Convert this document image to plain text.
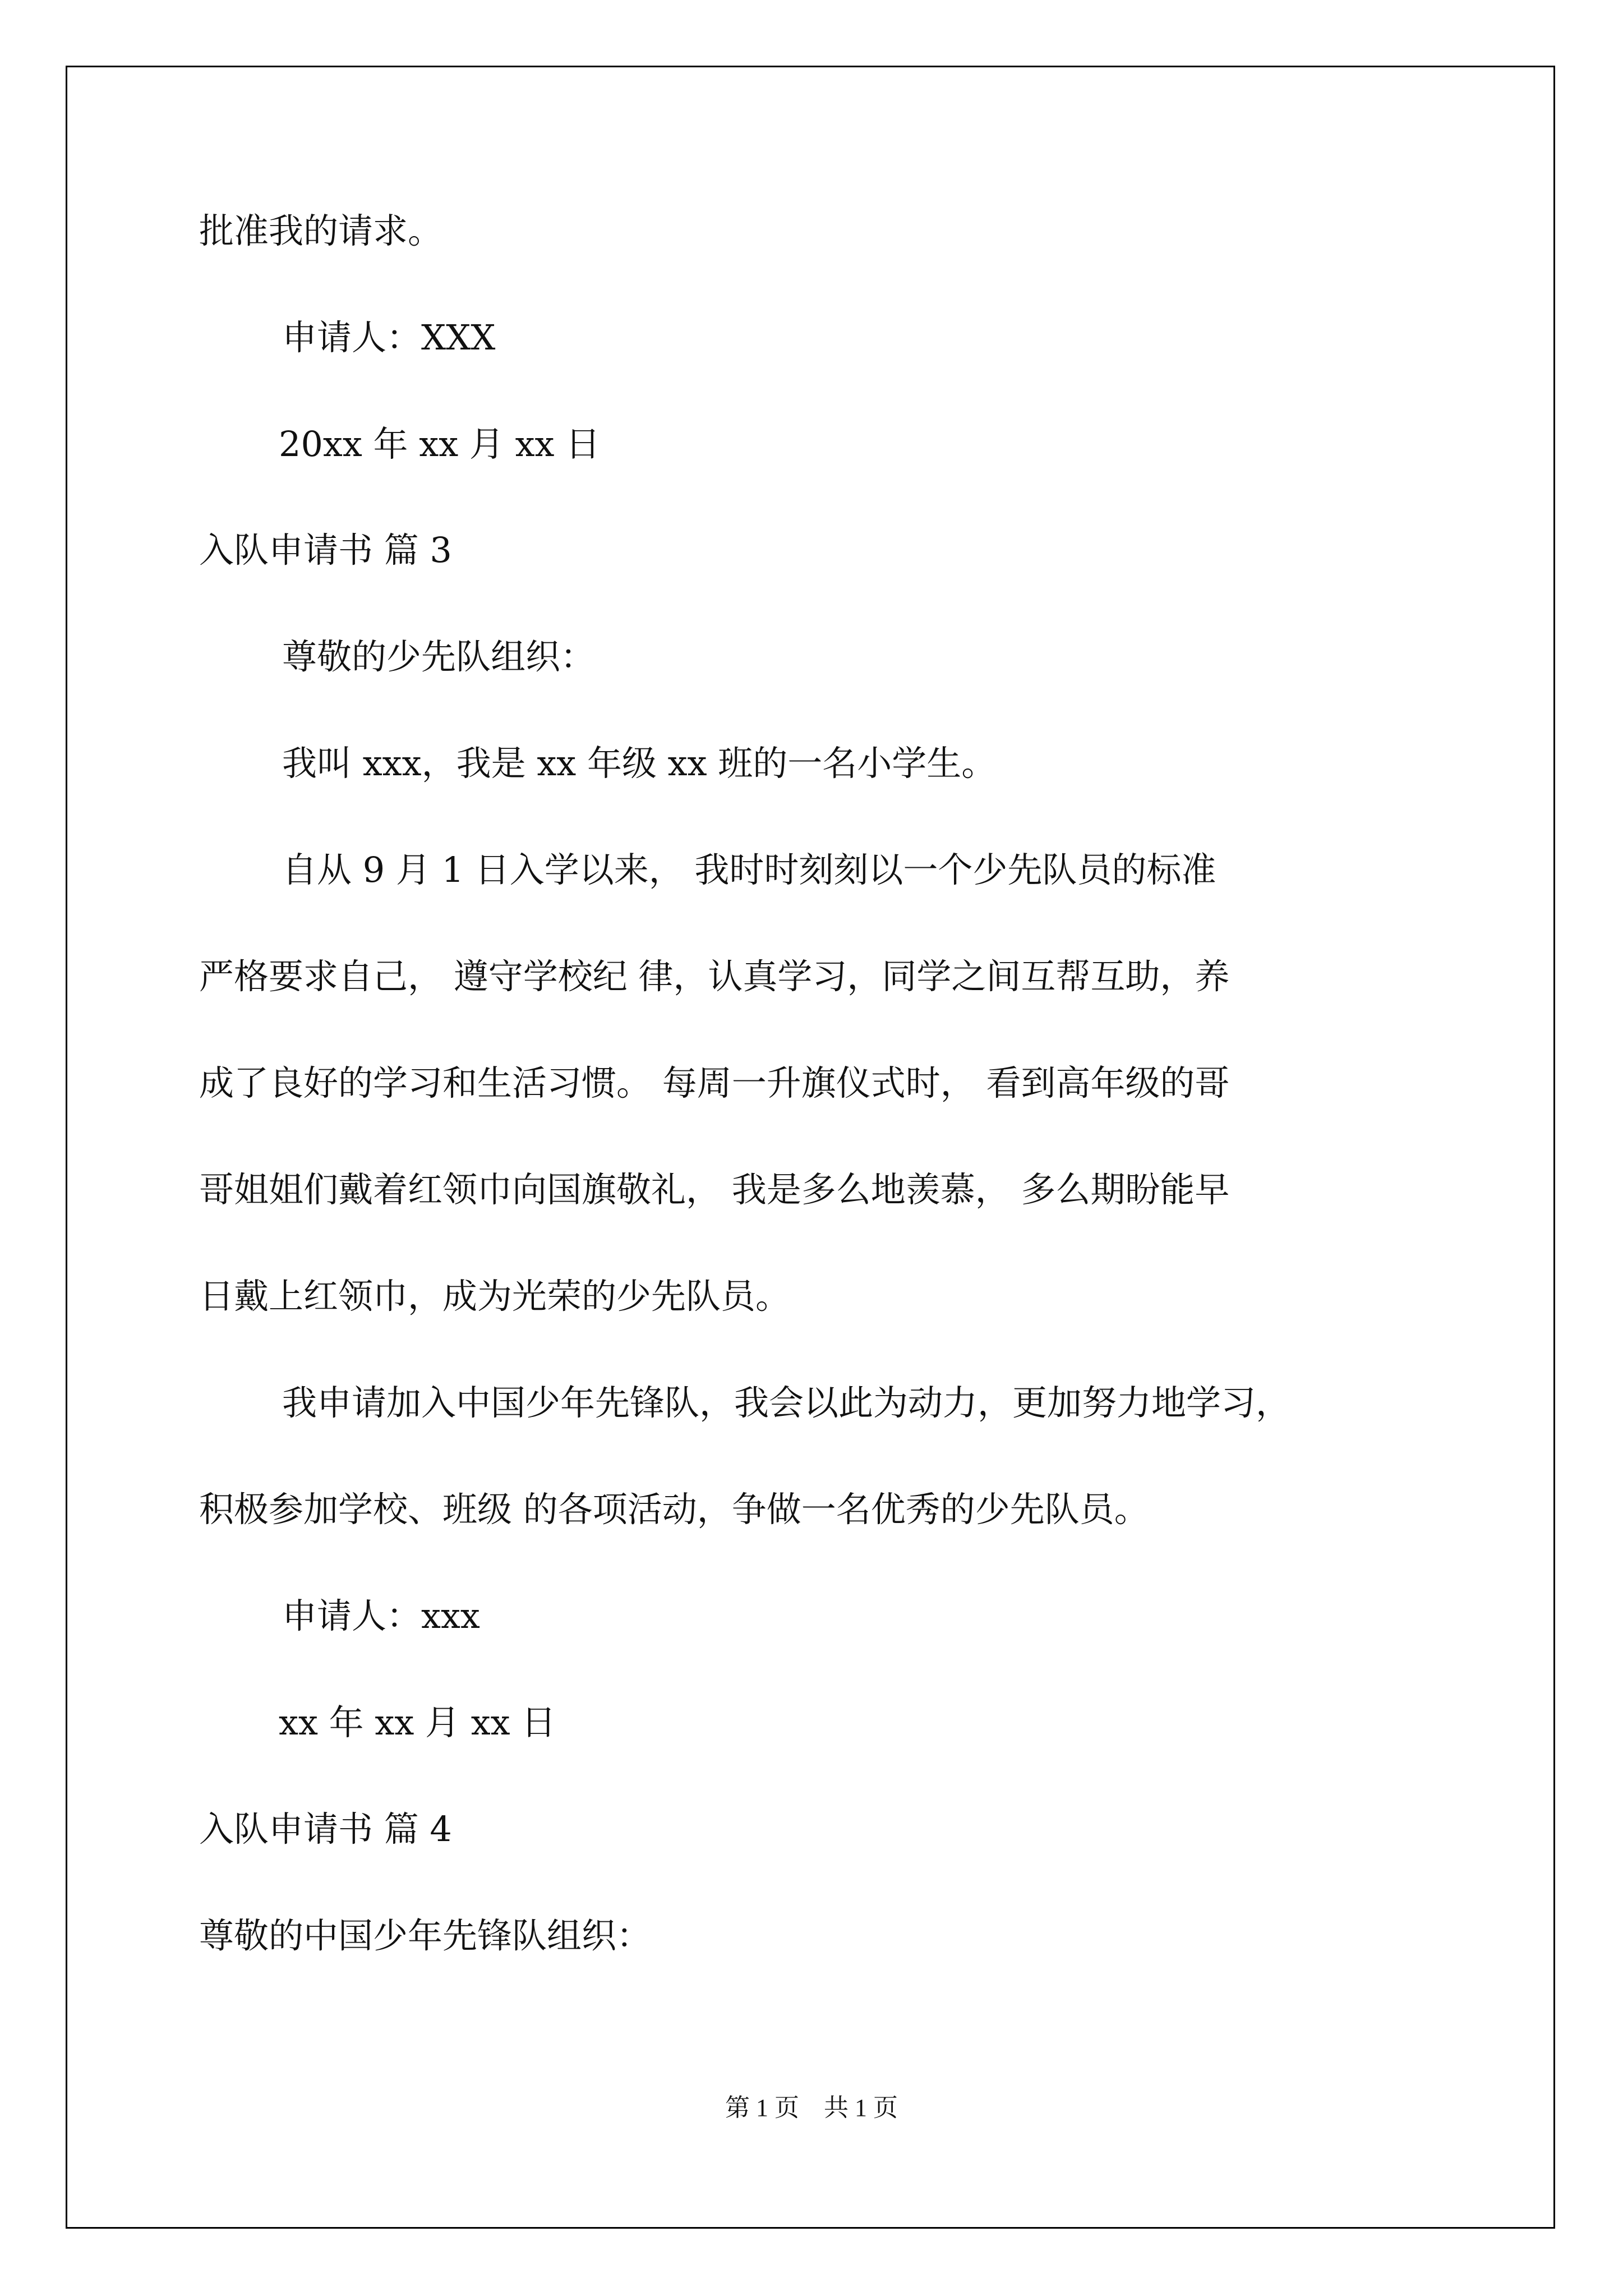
批准我的请求。
申请人：XXX
20xx 年 xx 月 xx 日
入队申请书 篇 3
尊敬的少先队组织：
我叫 xxx，我是 xx 年级 xx 班的一名小学生。
自从 9 月 1 日入学以来， 我时时刻刻以一个少先队员的标准
严格要求自己， 遵守学校纪 律，认真学习，同学之间互帮互助，养
成了良好的学习和生活习惯。 每周一升旗仪式时， 看到高年级的哥
哥姐姐们戴着红领巾向国旗敬礼， 我是多么地羡慕， 多么期盼能早
日戴上红领巾，成为光荣的少先队员。
我申请加入中国少年先锋队，我会以此为动力，更加努力地学习，
积极参加学校、班级 的各项活动，争做一名优秀的少先队员。
申请人：xxx
xx 年 xx 月 xx 日
入队申请书 篇 4
尊敬的中国少年先锋队组织：
第 1 页　共 1 页
